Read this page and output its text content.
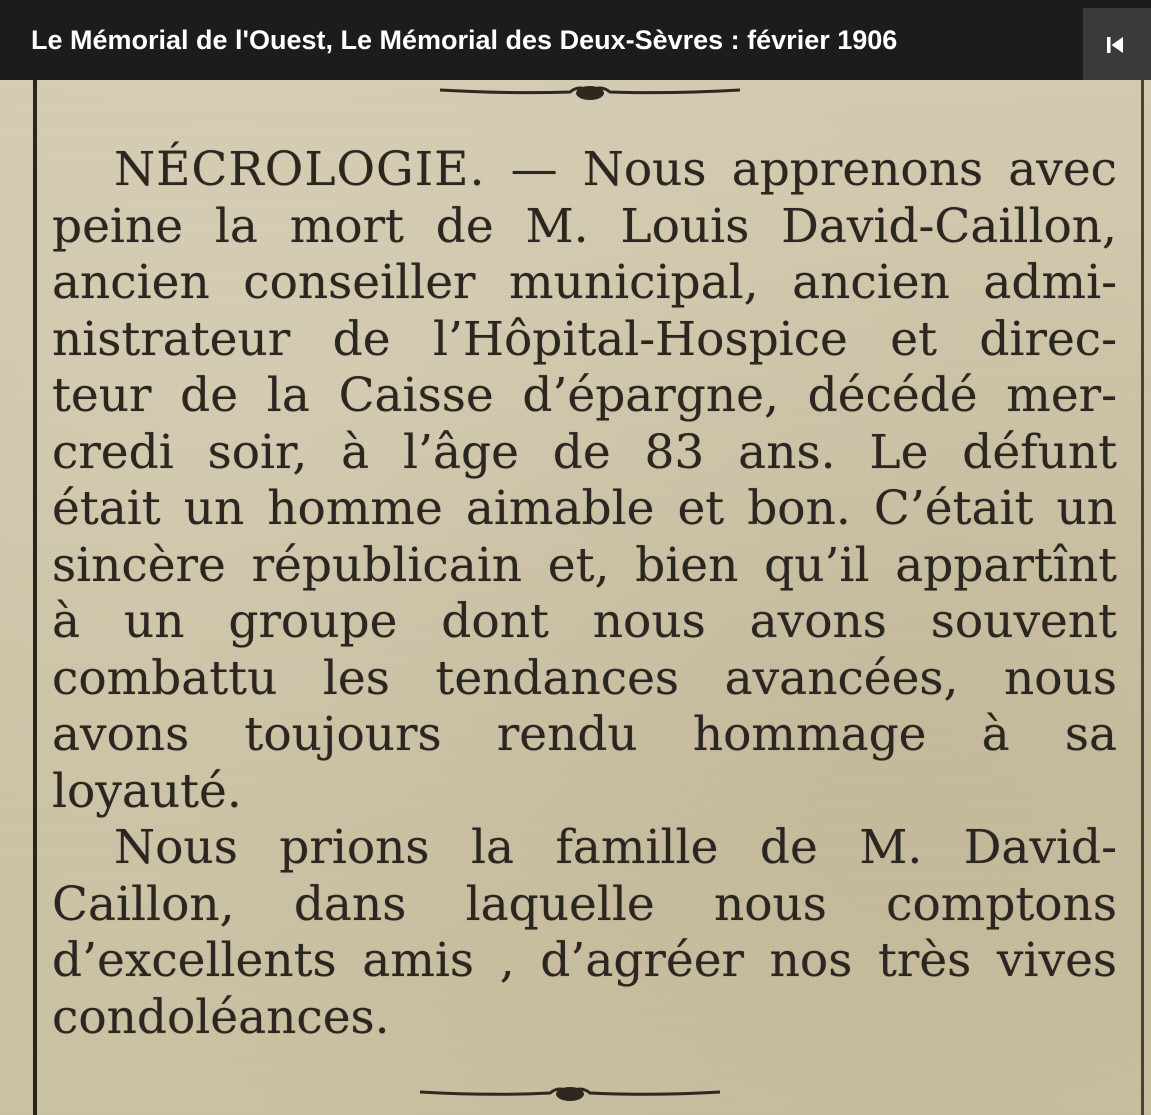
Le Mémorial de l'Ouest, Le Mémorial des Deux-Sèvres : février 1906
NÉCROLOGIE. — Nous apprenons avec
peine la mort de M. Louis David-Caillon,
ancien conseiller municipal, ancien admi-
nistrateur de l’Hôpital-Hospice et direc-
teur de la Caisse d’épargne, décédé mer-
credi soir, à l’âge de 83 ans. Le défunt
était un homme aimable et bon. C’était un
sincère républicain et, bien qu’il appartînt
à un groupe dont nous avons souvent
combattu les tendances avancées, nous
avons toujours rendu hommage à sa
loyauté.
Nous prions la famille de M. David-
Caillon, dans laquelle nous comptons
d’excellents amis , d’agréer nos très vives
condoléances.
